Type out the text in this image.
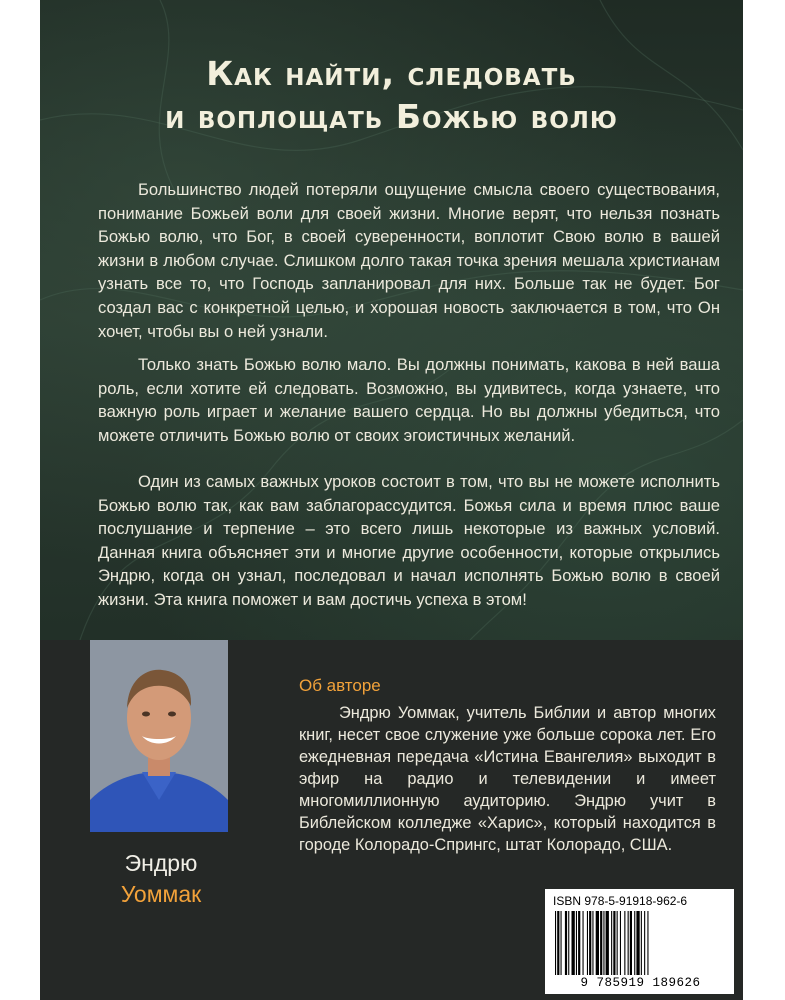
Как найти, следовать
и воплощать Божью волю

Большинство людей потеряли ощущение смысла своего существования, понимание Божьей воли для своей жизни. Многие верят, что нельзя познать Божью волю, что Бог, в своей суверенности, воплотит Свою волю в вашей жизни в любом случае. Слишком долго такая точка зрения мешала христианам узнать все то, что Господь запланировал для них. Больше так не будет. Бог создал вас с конкретной целью, и хорошая новость заключается в том, что Он хочет, чтобы вы о ней узнали.

Только знать Божью волю мало. Вы должны понимать, какова в ней ваша роль, если хотите ей следовать. Возможно, вы удивитесь, когда узнаете, что важную роль играет и желание вашего сердца. Но вы должны убедиться, что можете отличить Божью волю от своих эгоистичных желаний.

Один из самых важных уроков состоит в том, что вы не можете исполнить Божью волю так, как вам заблагорассудится. Божья сила и время плюс ваше послушание и терпение – это всего лишь некоторые из важных условий. Данная книга объясняет эти и многие другие особенности, которые открылись Эндрю, когда он узнал, последовал и начал исполнять Божью волю в своей жизни. Эта книга поможет и вам достичь успеха в этом!

Эндрю
Уоммак
Об авторе

Эндрю Уоммак, учитель Библии и автор многих книг, несет свое служение уже больше сорока лет. Его ежедневная передача «Истина Евангелия» выходит в эфир на радио и телевидении и имеет многомиллионную аудиторию. Эндрю учит в Библейском колледже «Харис», который находится в городе Колорадо-Спрингс, штат Колорадо, США.

ISBN 978-5-91918-962-6
9 785919 189626
